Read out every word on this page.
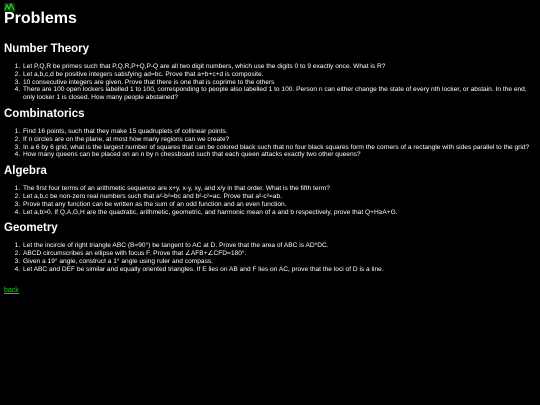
Problems
Number Theory
1. Let P,Q,R be primes such that P,Q,R,P+Q,P-Q are all two digit numbers, which use the digits 0 to 9 exactly once. What is R?
2. Let a,b,c,d be positive integers satisfying ad=bc. Prove that a+b+c+d is composite.
3. 10 consecutive integers are given. Prove that there is one that is coprime to the others
4. There are 100 open lockers labelled 1 to 100, corresponding to people also labelled 1 to 100. Person n can either change the state of every nth locker, or abstain. In the end, only locker 1 is closed. How many people abstained?
Combinatorics
1. Find 16 points, such that they make 15 quadruplets of collinear points.
2. If n circles are on the plane, at most how many regions can we create?
3. In a 6 by 6 grid, what is the largest number of squares that can be colored black such that no four black squares form the corners of a rectangle with sides parallel to the grid?
4. How many queens can be placed on an n by n chessboard such that each queen attacks exactly two other queens?
Algebra
1. The first four terms of an arithmetic sequence are x+y, x-y, xy, and x/y in that order. What is the fifth term?
2. Let a,b,c be non-zero real numbers such that a²-b²=bc and b²-c²=ac. Prove that a²-c²=ab.
3. Prove that any function can be written as the sum of an odd function and an even function.
4. Let a,b>0. If Q,A,G,H are the quadratic, arithmetic, geometric, and harmonic mean of a and b respectively, prove that Q+H≥A+G.
Geometry
1. Let the incircle of right triangle ABC (B=90°) be tangent to AC at D. Prove that the area of ABC is AD*DC.
2. ABCD circumscribes an ellipse with focus F. Prove that ∠AFB+∠CFD=180°.
3. Given a 19° angle, construct a 1° angle using ruler and compass.
4. Let ABC and DEF be similar and equally oriented triangles. If E lies on AB and F lies on AC, prove that the loci of D is a line.
back
